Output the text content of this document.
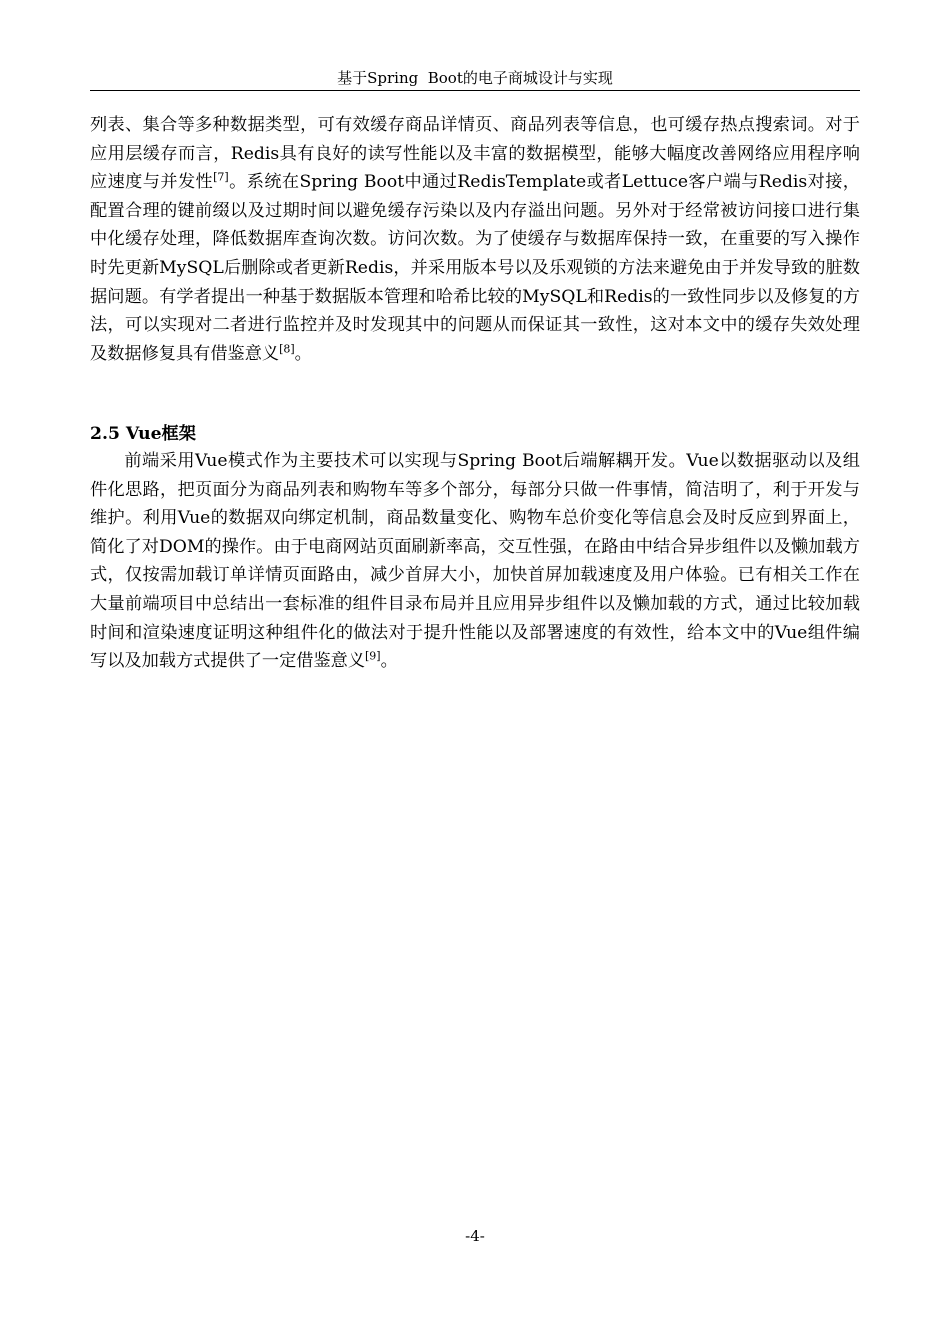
基于Spring  Boot的电子商城设计与实现

列表、集合等多种数据类型，可有效缓存商品详情页、商品列表等信息，也可缓存热点搜索词。对于应用层缓存而言，Redis具有良好的读写性能以及丰富的数据模型，能够大幅度改善网络应用程序响应速度与并发性[7]。系统在Spring Boot中通过RedisTemplate或者Lettuce客户端与Redis对接，配置合理的键前缀以及过期时间以避免缓存污染以及内存溢出问题。另外对于经常被访问接口进行集中化缓存处理，降低数据库查询次数。访问次数。为了使缓存与数据库保持一致，在重要的写入操作时先更新MySQL后删除或者更新Redis，并采用版本号以及乐观锁的方法来避免由于并发导致的脏数据问题。有学者提出一种基于数据版本管理和哈希比较的MySQL和Redis的一致性同步以及修复的方法，可以实现对二者进行监控并及时发现其中的问题从而保证其一致性，这对本文中的缓存失效处理及数据修复具有借鉴意义[8]。

2.5 Vue框架

前端采用Vue模式作为主要技术可以实现与Spring Boot后端解耦开发。Vue以数据驱动以及组件化思路，把页面分为商品列表和购物车等多个部分，每部分只做一件事情，简洁明了，利于开发与维护。利用Vue的数据双向绑定机制，商品数量变化、购物车总价变化等信息会及时反应到界面上，简化了对DOM的操作。由于电商网站页面刷新率高，交互性强，在路由中结合异步组件以及懒加载方式，仅按需加载订单详情页面路由，减少首屏大小，加快首屏加载速度及用户体验。已有相关工作在大量前端项目中总结出一套标准的组件目录布局并且应用异步组件以及懒加载的方式，通过比较加载时间和渲染速度证明这种组件化的做法对于提升性能以及部署速度的有效性，给本文中的Vue组件编写以及加载方式提供了一定借鉴意义[9]。

-4-
